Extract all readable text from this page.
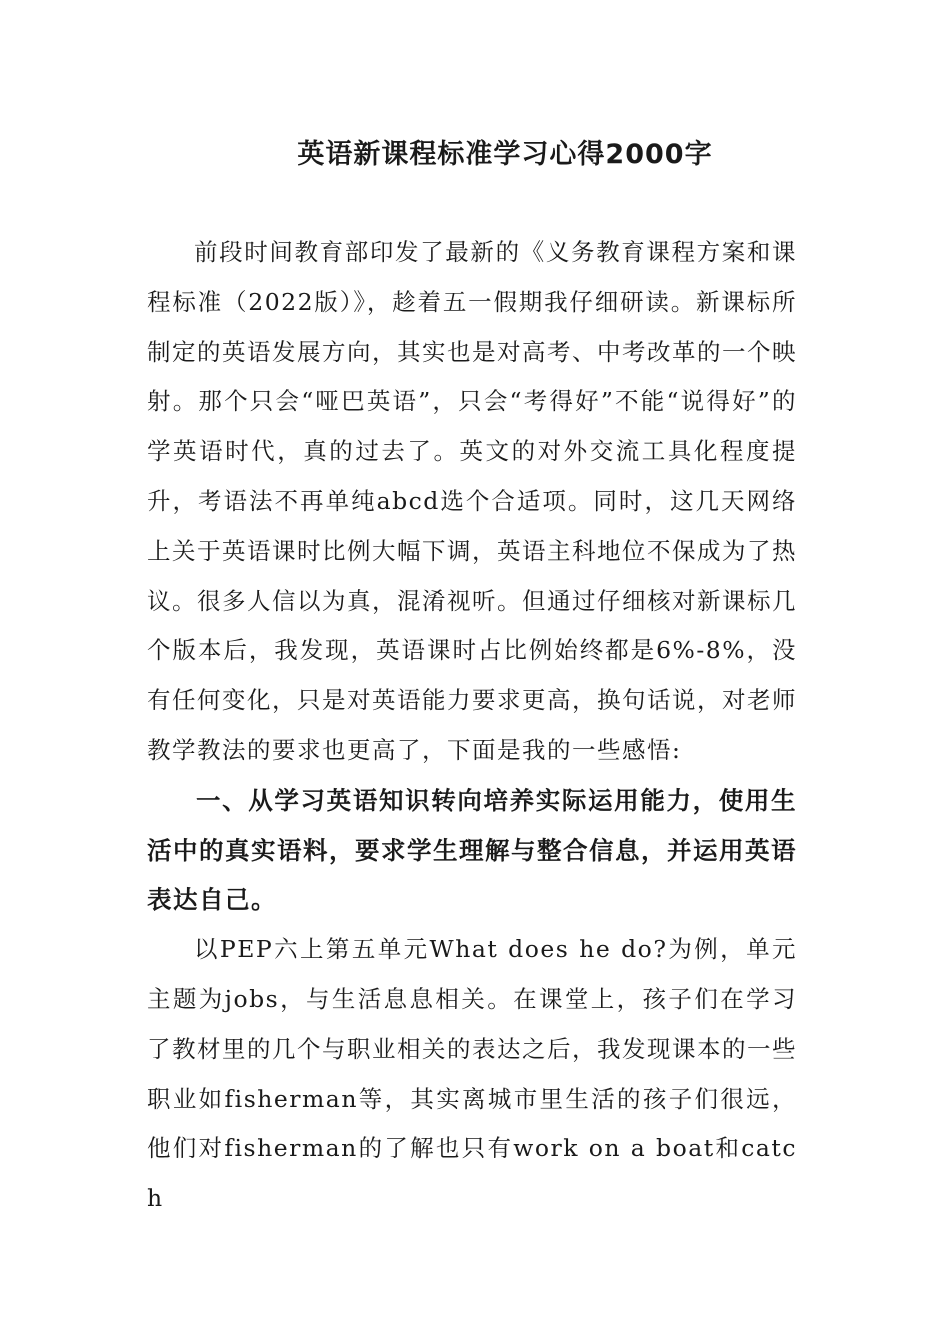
英语新课程标准学习心得2000字

前段时间教育部印发了最新的《义务教育课程方案和课程标准（2022版）》，趁着五一假期我仔细研读。新课标所制定的英语发展方向，其实也是对高考、中考改革的一个映射。那个只会“哑巴英语”，只会“考得好”不能“说得好”的学英语时代，真的过去了。英文的对外交流工具化程度提升，考语法不再单纯abcd选个合适项。同时，这几天网络上关于英语课时比例大幅下调，英语主科地位不保成为了热议。很多人信以为真，混淆视听。但通过仔细核对新课标几个版本后，我发现，英语课时占比例始终都是6%-8%，没有任何变化，只是对英语能力要求更高，换句话说，对老师教学教法的要求也更高了，下面是我的一些感悟:

一、从学习英语知识转向培养实际运用能力，使用生活中的真实语料，要求学生理解与整合信息，并运用英语表达自己。

以PEP六上第五单元What does he do?为例，单元主题为jobs，与生活息息相关。在课堂上，孩子们在学习了教材里的几个与职业相关的表达之后，我发现课本的一些职业如fisherman等，其实离城市里生活的孩子们很远，他们对fisherman的了解也只有work on a boat和catch
